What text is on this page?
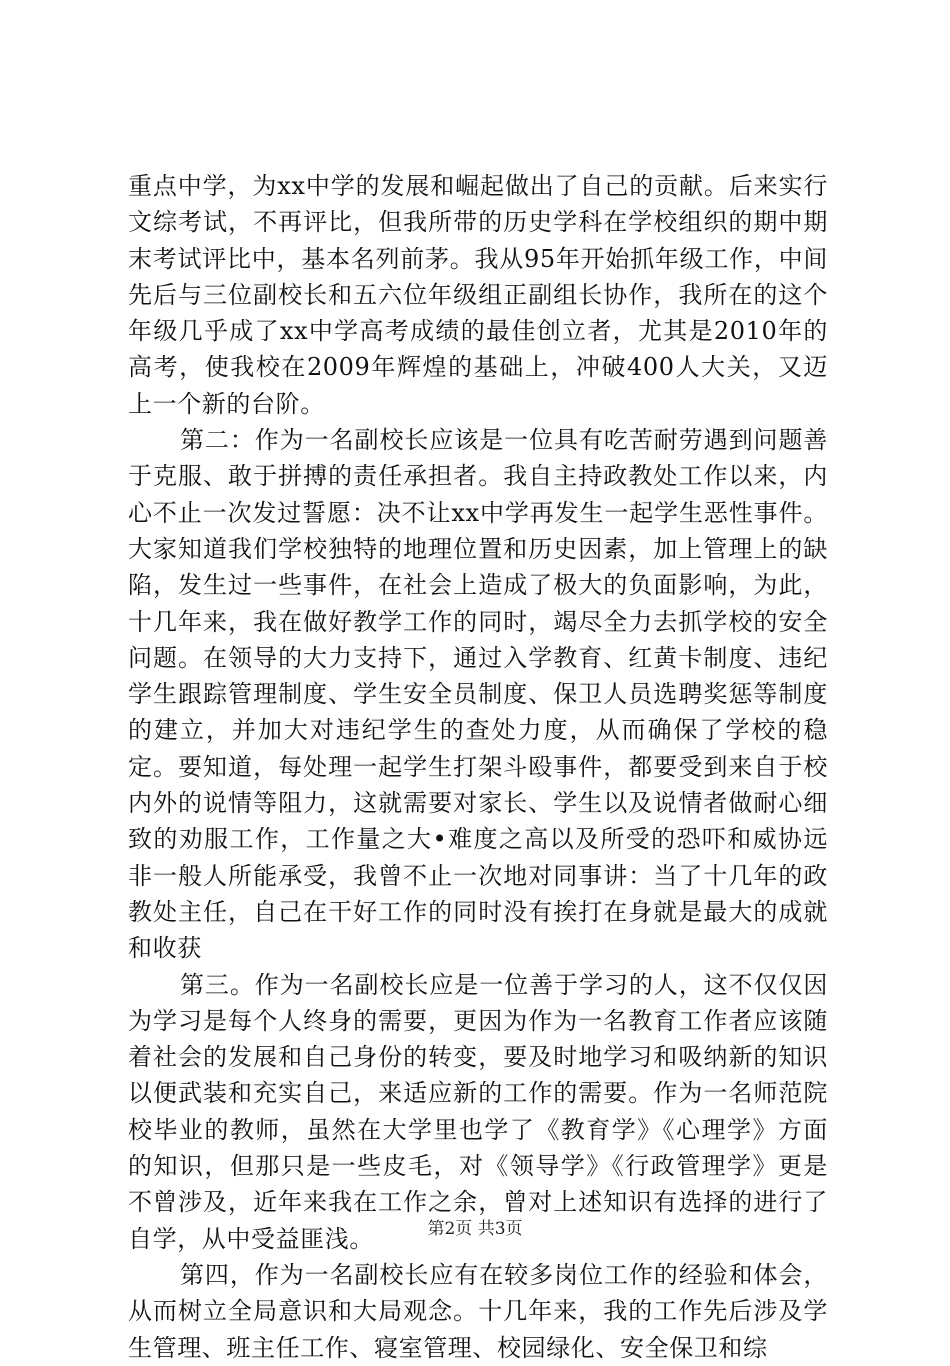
重点中学，为xx中学的发展和崛起做出了自己的贡献。后来实行文综考试，不再评比，但我所带的历史学科在学校组织的期中期末考试评比中，基本名列前茅。我从95年开始抓年级工作，中间先后与三位副校长和五六位年级组正副组长协作，我所在的这个年级几乎成了xx中学高考成绩的最佳创立者，尤其是2010年的高考，使我校在2009年辉煌的基础上，冲破400人大关，又迈上一个新的台阶。

第二：作为一名副校长应该是一位具有吃苦耐劳遇到问题善于克服、敢于拼搏的责任承担者。我自主持政教处工作以来，内心不止一次发过誓愿：决不让xx中学再发生一起学生恶性事件。大家知道我们学校独特的地理位置和历史因素，加上管理上的缺陷，发生过一些事件，在社会上造成了极大的负面影响，为此，十几年来，我在做好教学工作的同时，竭尽全力去抓学校的安全问题。在领导的大力支持下，通过入学教育、红黄卡制度、违纪学生跟踪管理制度、学生安全员制度、保卫人员选聘奖惩等制度的建立，并加大对违纪学生的查处力度，从而确保了学校的稳定。要知道，每处理一起学生打架斗殴事件，都要受到来自于校内外的说情等阻力，这就需要对家长、学生以及说情者做耐心细致的劝服工作，工作量之大•难度之高以及所受的恐吓和威协远非一般人所能承受，我曾不止一次地对同事讲：当了十几年的政教处主任，自己在干好工作的同时没有挨打在身就是最大的成就和收获

第三。作为一名副校长应是一位善于学习的人，这不仅仅因为学习是每个人终身的需要，更因为作为一名教育工作者应该随着社会的发展和自己身份的转变，要及时地学习和吸纳新的知识以便武装和充实自己，来适应新的工作的需要。作为一名师范院校毕业的教师，虽然在大学里也学了《教育学》《心理学》方面的知识，但那只是一些皮毛，对《领导学》《行政管理学》更是不曾涉及，近年来我在工作之余，曾对上述知识有选择的进行了自学，从中受益匪浅。

第四，作为一名副校长应有在较多岗位工作的经验和体会，从而树立全局意识和大局观念。十几年来，我的工作先后涉及学生管理、班主任工作、寝室管理、校园绿化、安全保卫和综

第2页 共3页
